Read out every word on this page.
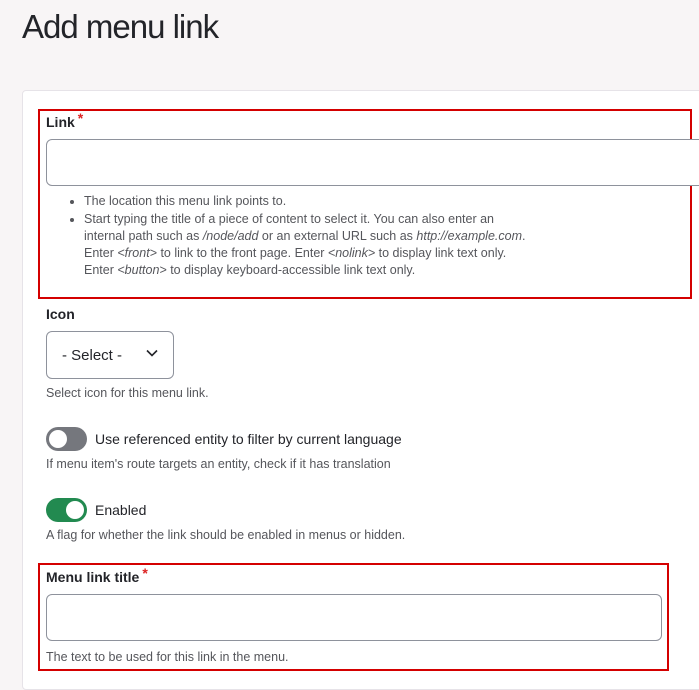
Add menu link
Link *
• The location this menu link points to.
• Start typing the title of a piece of content to select it. You can also enter an
internal path such as /node/add or an external URL such as http://example.com.
Enter <front> to link to the front page. Enter <nolink> to display link text only.
Enter <button> to display keyboard-accessible link text only.
Icon
- Select -
Select icon for this menu link.
Use referenced entity to filter by current language
If menu item's route targets an entity, check if it has translation
Enabled
A flag for whether the link should be enabled in menus or hidden.
Menu link title *
The text to be used for this link in the menu.
